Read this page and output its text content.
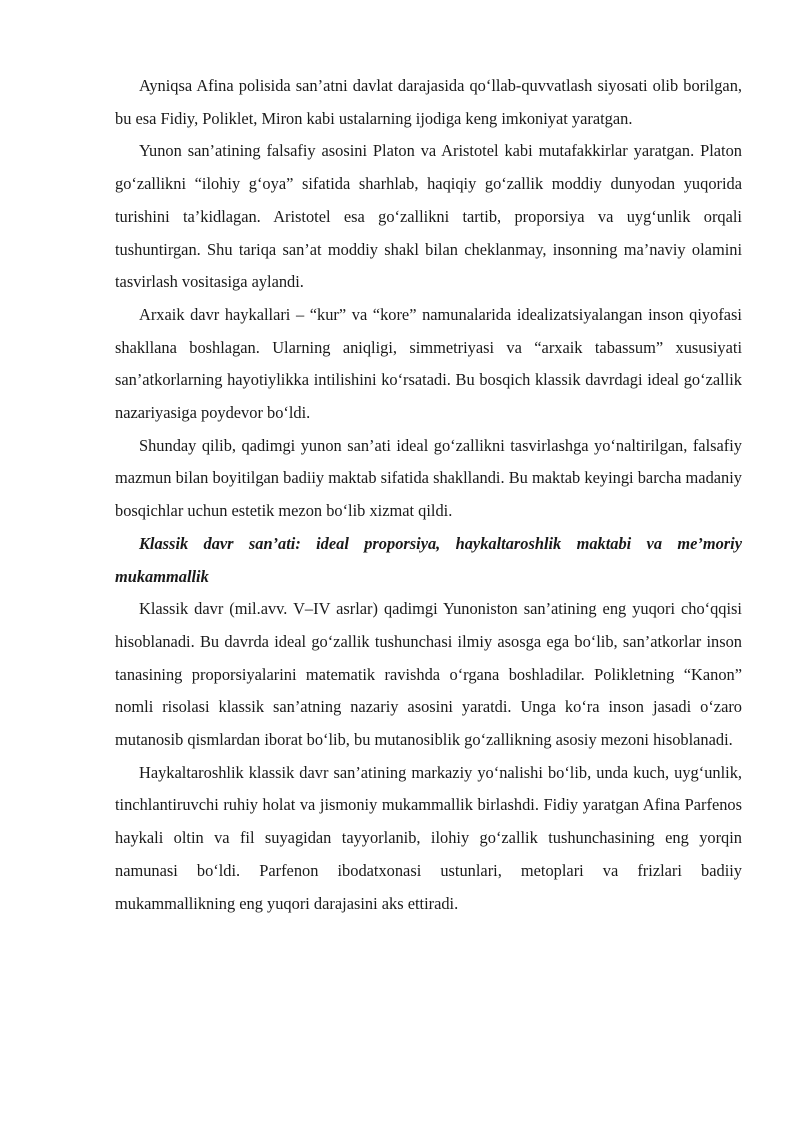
Ayniqsa Afina polisida san’atni davlat darajasida qo‘llab-quvvatlash siyosati olib borilgan, bu esa Fidiy, Poliklet, Miron kabi ustalarning ijodiga keng imkoniyat yaratgan.

Yunon san’atining falsafiy asosini Platon va Aristotel kabi mutafakkirlar yaratgan. Platon go‘zallikni “ilohiy g‘oya” sifatida sharhlab, haqiqiy go‘zallik moddiy dunyodan yuqorida turishini ta’kidlagan. Aristotel esa go‘zallikni tartib, proporsiya va uyg‘unlik orqali tushuntirgan. Shu tariqa san’at moddiy shakl bilan cheklanmay, insonning ma’naviy olamini tasvirlash vositasiga aylandi.

Arxaik davr haykallari – “kur” va “kore” namunalarida idealizatsiyalangan inson qiyofasi shakllana boshlagan. Ularning aniqligi, simmetriyasi va “arxaik tabassum” xususiyati san’atkorlarning hayotiylikka intilishini ko‘rsatadi. Bu bosqich klassik davrdagi ideal go‘zallik nazariyasiga poydevor bo‘ldi.

Shunday qilib, qadimgi yunon san’ati ideal go‘zallikni tasvirlashga yo‘naltirilgan, falsafiy mazmun bilan boyitilgan badiiy maktab sifatida shakllandi. Bu maktab keyingi barcha madaniy bosqichlar uchun estetik mezon bo‘lib xizmat qildi.

Klassik davr san’ati: ideal proporsiya, haykaltaroshlik maktabi va me’moriy mukammallik

Klassik davr (mil.avv. V–IV asrlar) qadimgi Yunoniston san’atining eng yuqori cho‘qqisi hisoblanadi. Bu davrda ideal go‘zallik tushunchasi ilmiy asosga ega bo‘lib, san’atkorlar inson tanasining proporsiyalarini matematik ravishda o‘rgana boshladilar. Polikletning “Kanon” nomli risolasi klassik san’atning nazariy asosini yaratdi. Unga ko‘ra inson jasadi o‘zaro mutanosib qismlardan iborat bo‘lib, bu mutanosiblik go‘zallikning asosiy mezoni hisoblanadi.

Haykaltaroshlik klassik davr san’atining markaziy yo‘nalishi bo‘lib, unda kuch, uyg‘unlik, tinchlantiruvchi ruhiy holat va jismoniy mukammallik birlashdi. Fidiy yaratgan Afina Parfenos haykali oltin va fil suyagidan tayyorlanib, ilohiy go‘zallik tushunchasining eng yorqin namunasi bo‘ldi. Parfenon ibodatxonasi ustunlari, metoplari va frizlari badiiy mukammallikning eng yuqori darajasini aks ettiradi.
